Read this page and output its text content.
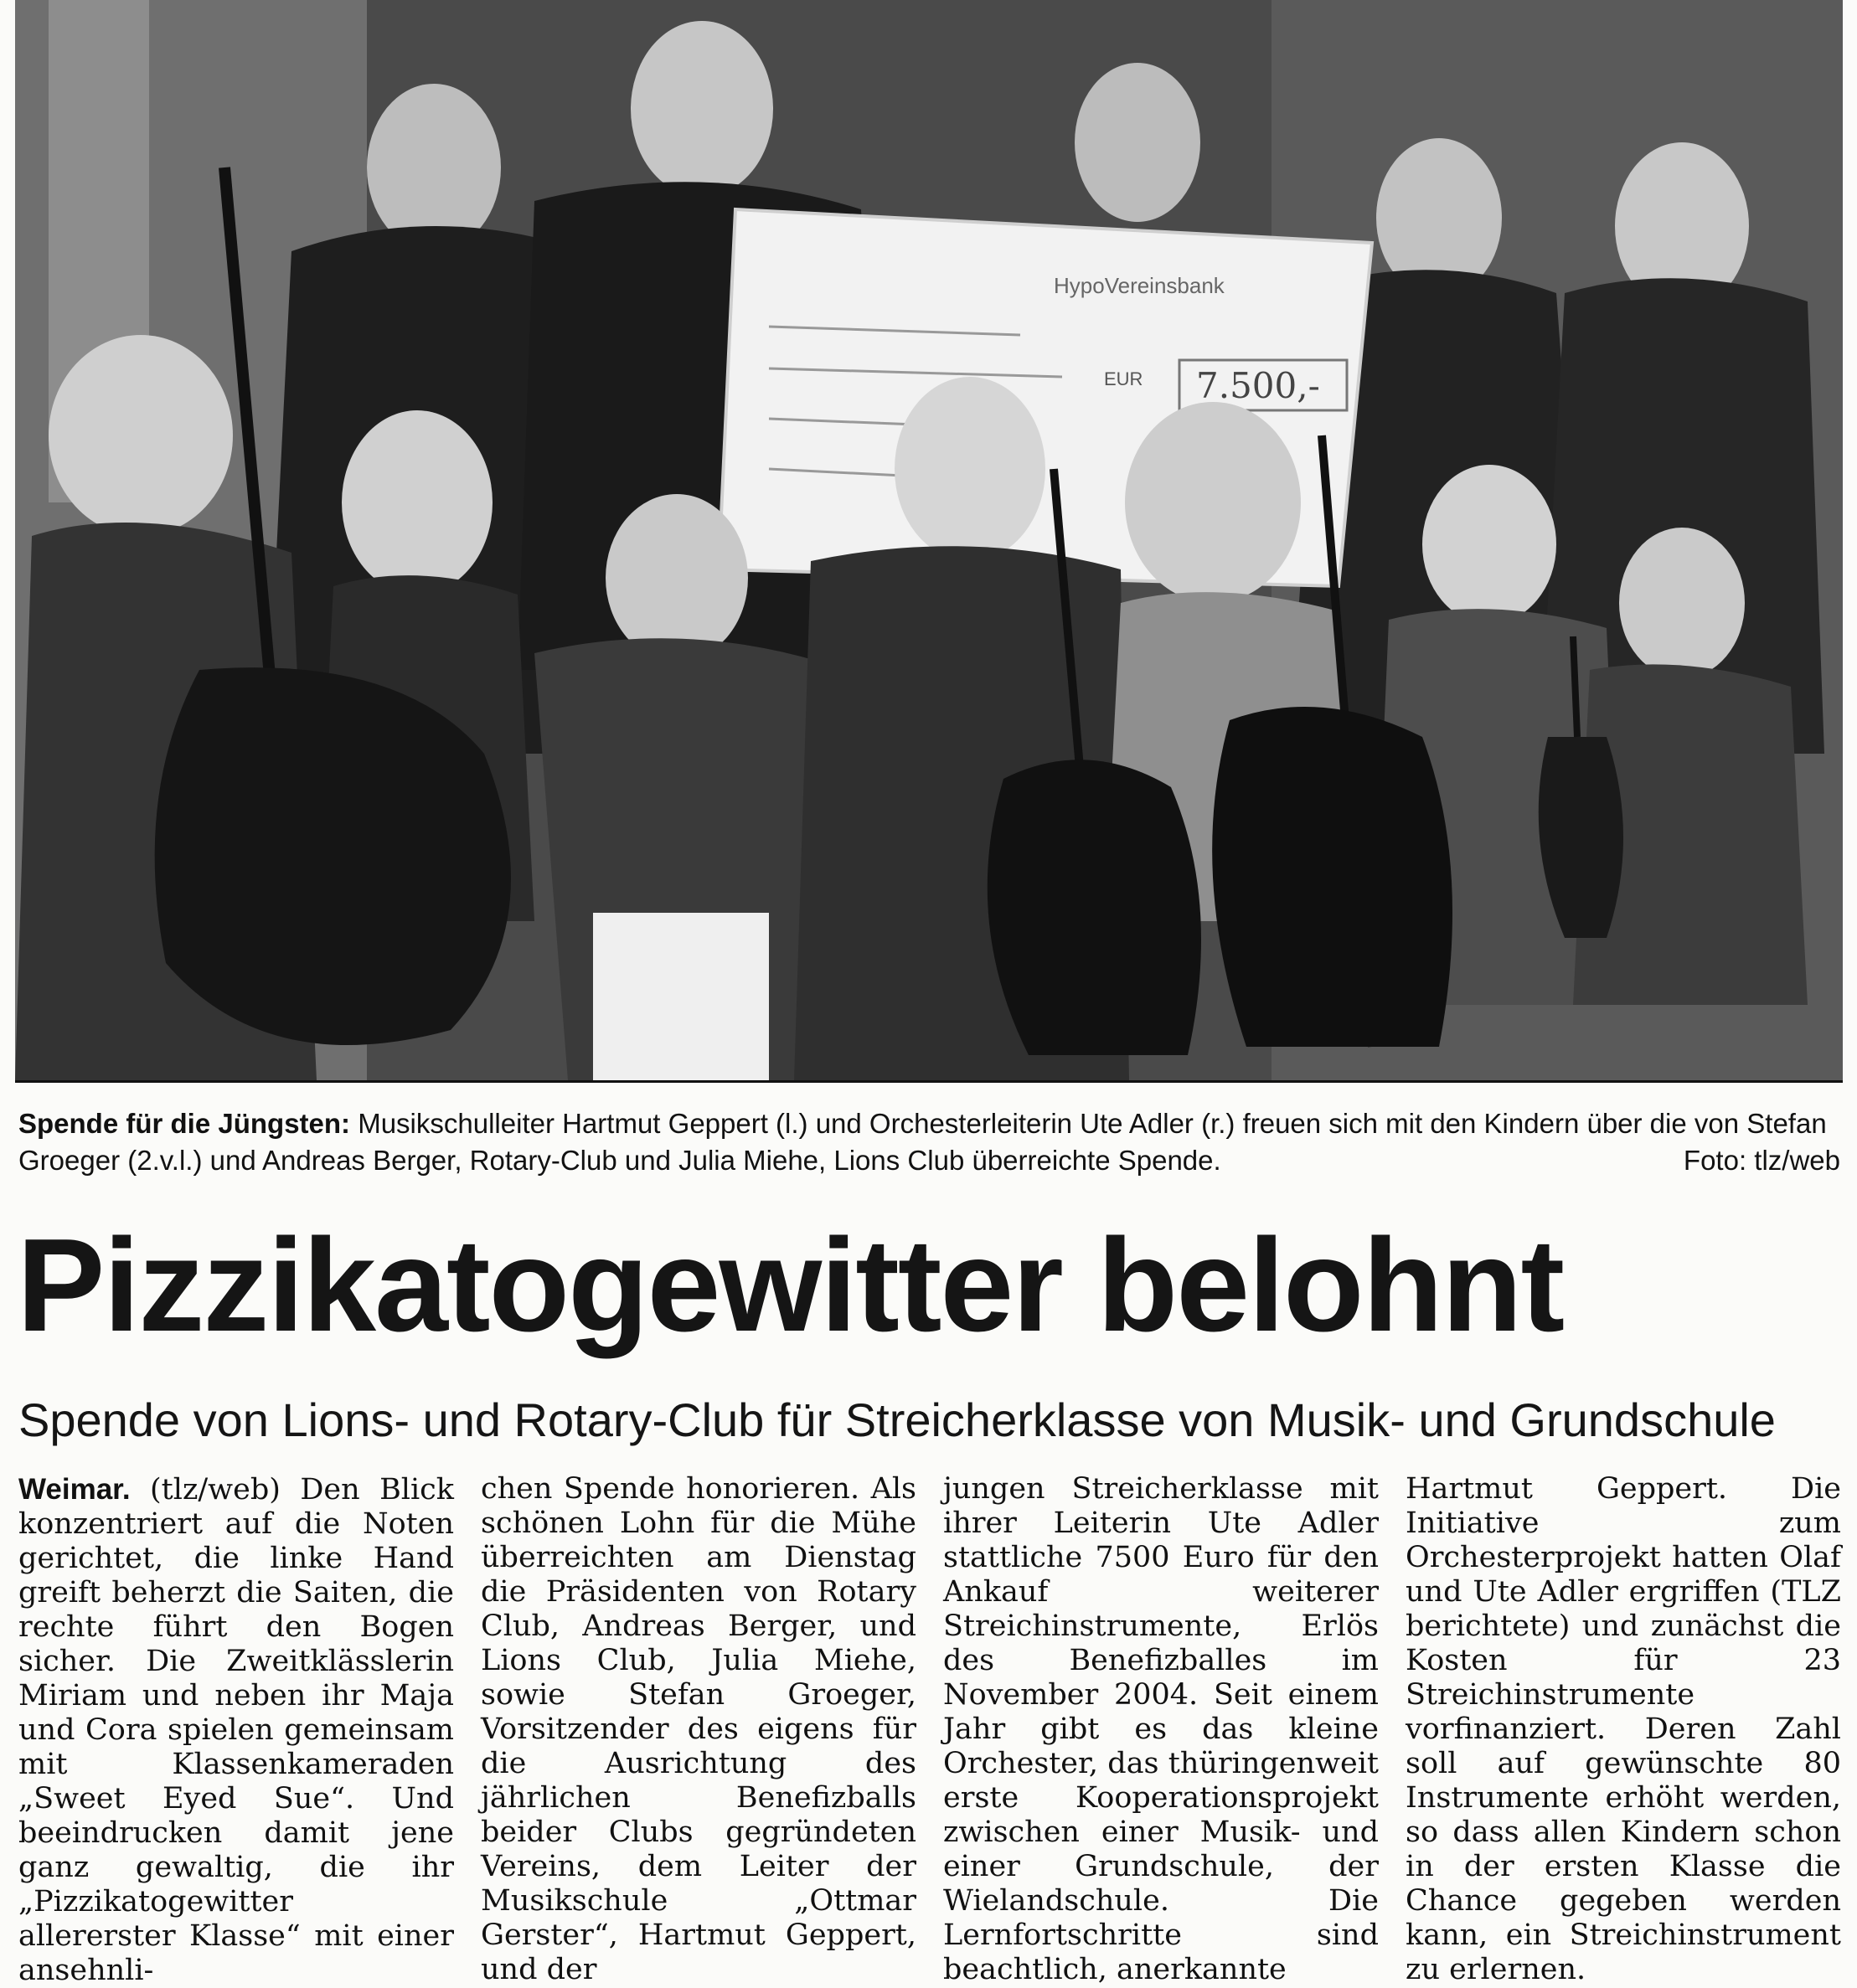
HypoVereinsbank
EUR 7.500,-
Spende für die Jüngsten: Musikschulleiter Hartmut Geppert (l.) und Orchesterleiterin Ute Adler (r.) freuen sich mit den Kindern über die von Stefan Groeger (2.v.l.) und Andreas Berger, Rotary-Club und Julia Miehe, Lions Club überreichte Spende.	Foto: tlz/web
Pizzikatogewitter belohnt
Spende von Lions- und Rotary-Club für Streicherklasse von Musik- und Grundschule
Weimar. (tlz/web) Den Blick konzentriert auf die Noten gerichtet, die linke Hand greift beherzt die Saiten, die rechte führt den Bogen sicher. Die Zweitklässlerin Miriam und neben ihr Maja und Cora spielen gemeinsam mit Klassenkameraden „Sweet Eyed Sue“. Und beeindrucken damit jene ganz gewaltig, die ihr „Pizzikatogewitter allererster Klasse“ mit einer ansehnli-
chen Spende honorieren. Als schönen Lohn für die Mühe überreichten am Dienstag die Präsidenten von Rotary Club, Andreas Berger, und Lions Club, Julia Miehe, sowie Stefan Groeger, Vorsitzender des eigens für die Ausrichtung des jährlichen Benefizballs beider Clubs gegründeten Vereins, dem Leiter der Musikschule „Ottmar Gerster“, Hartmut Geppert, und der
jungen Streicherklasse mit ihrer Leiterin Ute Adler stattliche 7500 Euro für den Ankauf weiterer Streichinstrumente, Erlös des Benefizballes im November 2004. Seit einem Jahr gibt es das kleine Orchester, das thüringenweit erste Kooperationsprojekt zwischen einer Musik- und einer Grundschule, der Wielandschule. Die Lernfortschritte sind beachtlich, anerkannte
Hartmut Geppert. Die Initiative zum Orchesterprojekt hatten Olaf und Ute Adler ergriffen (TLZ berichtete) und zunächst die Kosten für 23 Streichinstrumente vorfinanziert. Deren Zahl soll auf gewünschte 80 Instrumente erhöht werden, so dass allen Kindern schon in der ersten Klasse die Chance gegeben werden kann, ein Streichinstrument zu erlernen.
